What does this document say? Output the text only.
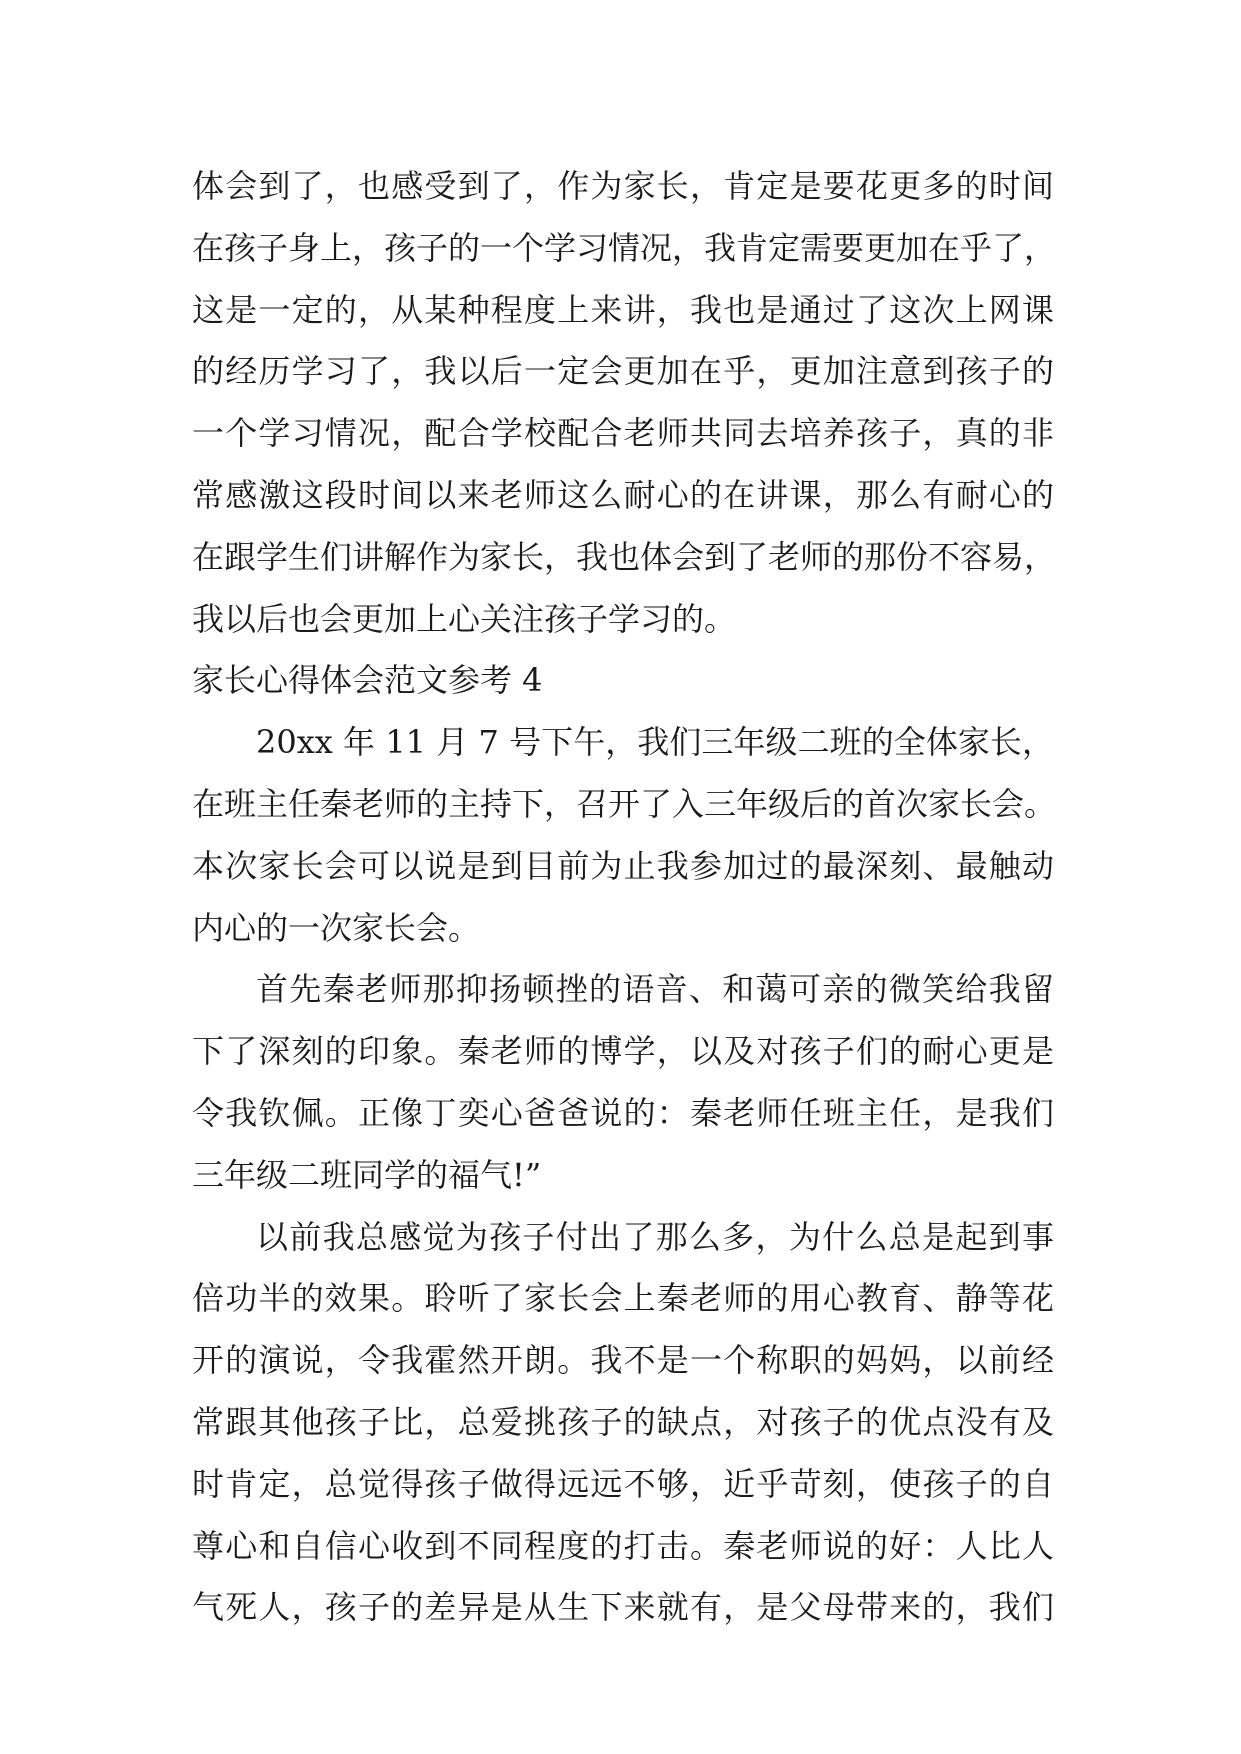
体会到了，也感受到了，作为家长，肯定是要花更多的时间
在孩子身上，孩子的一个学习情况，我肯定需要更加在乎了，
这是一定的，从某种程度上来讲，我也是通过了这次上网课
的经历学习了，我以后一定会更加在乎，更加注意到孩子的
一个学习情况，配合学校配合老师共同去培养孩子，真的非
常感激这段时间以来老师这么耐心的在讲课，那么有耐心的
在跟学生们讲解作为家长，我也体会到了老师的那份不容易，
我以后也会更加上心关注孩子学习的。
家长心得体会范文参考 4
20xx 年 11 月 7 号下午，我们三年级二班的全体家长，
在班主任秦老师的主持下，召开了入三年级后的首次家长会。
本次家长会可以说是到目前为止我参加过的最深刻、最触动
内心的一次家长会。
首先秦老师那抑扬顿挫的语音、和蔼可亲的微笑给我留
下了深刻的印象。秦老师的博学，以及对孩子们的耐心更是
令我钦佩。正像丁奕心爸爸说的：秦老师任班主任，是我们
三年级二班同学的福气!”
以前我总感觉为孩子付出了那么多，为什么总是起到事
倍功半的效果。聆听了家长会上秦老师的用心教育、静等花
开的演说，令我霍然开朗。我不是一个称职的妈妈，以前经
常跟其他孩子比，总爱挑孩子的缺点，对孩子的优点没有及
时肯定，总觉得孩子做得远远不够，近乎苛刻，使孩子的自
尊心和自信心收到不同程度的打击。秦老师说的好：人比人
气死人，孩子的差异是从生下来就有，是父母带来的，我们
